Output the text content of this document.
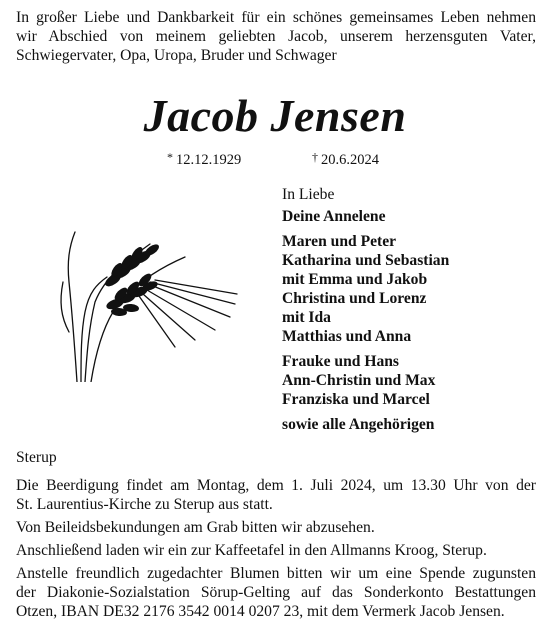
In großer Liebe und Dankbarkeit für ein schönes gemeinsames Leben nehmen
wir Abschied von meinem geliebten Jacob, unserem herzensguten Vater,
Schwiegervater, Opa, Uropa, Bruder und Schwager
Jacob Jensen
* 12.12.1929	† 20.6.2024
In Liebe
Deine Annelene
Maren und Peter
Katharina und Sebastian
mit Emma und Jakob
Christina und Lorenz
mit Ida
Matthias und Anna
Frauke und Hans
Ann-Christin und Max
Franziska und Marcel
sowie alle Angehörigen
Sterup
Die Beerdigung findet am Montag, dem 1. Juli 2024, um 13.30 Uhr von der
St. Laurentius-Kirche zu Sterup aus statt.
Von Beileidsbekundungen am Grab bitten wir abzusehen.
Anschließend laden wir ein zur Kaffeetafel in den Allmanns Kroog, Sterup.
Anstelle freundlich zugedachter Blumen bitten wir um eine Spende zugunsten
der Diakonie-Sozialstation Sörup-Gelting auf das Sonderkonto Bestattungen
Otzen, IBAN DE32 2176 3542 0014 0207 23, mit dem Vermerk Jacob Jensen.
